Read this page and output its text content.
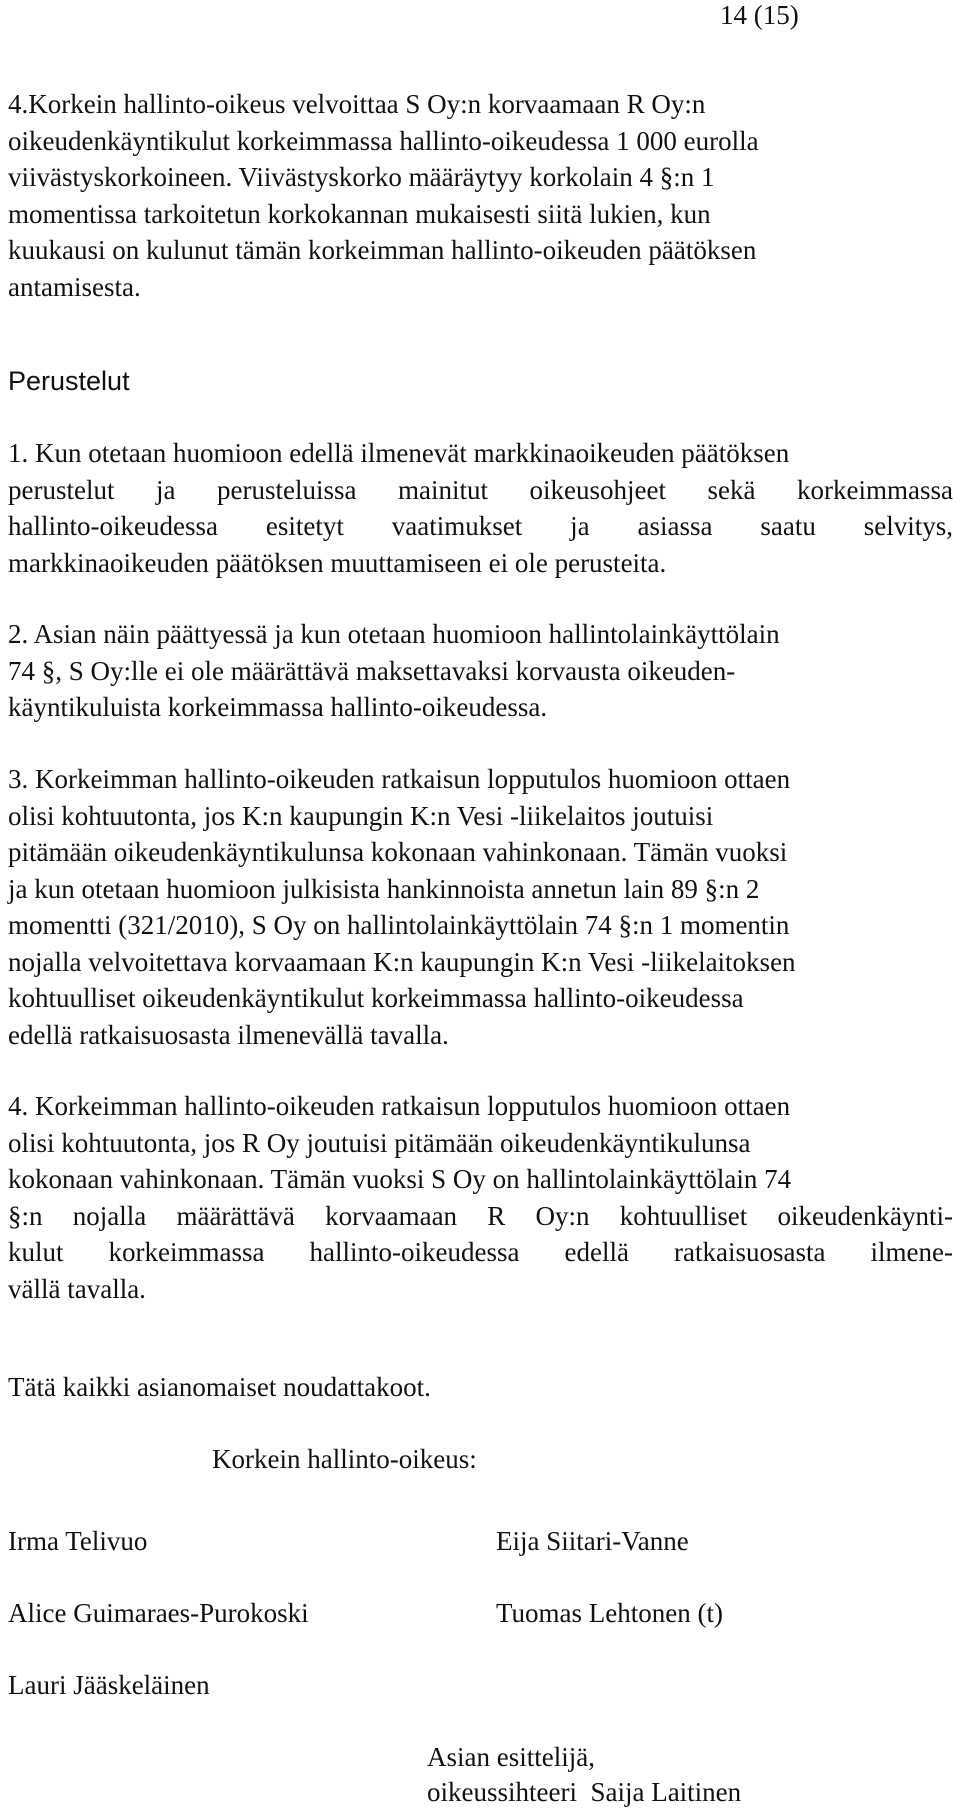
14 (15)
4.Korkein hallinto-oikeus velvoittaa S Oy:n korvaamaan R Oy:n
oikeudenkäyntikulut korkeimmassa hallinto-oikeudessa 1 000 eurolla
viivästyskorkoineen. Viivästyskorko määräytyy korkolain 4 §:n 1
momentissa tarkoitetun korkokannan mukaisesti siitä lukien, kun
kuukausi on kulunut tämän korkeimman hallinto-oikeuden päätöksen
antamisesta.
Perustelut
1. Kun otetaan huomioon edellä ilmenevät markkinaoikeuden päätöksen
perustelut ja perusteluissa mainitut oikeusohjeet sekä korkeimmassa
hallinto-oikeudessa esitetyt vaatimukset ja asiassa saatu selvitys,
markkinaoikeuden päätöksen muuttamiseen ei ole perusteita.
2. Asian näin päättyessä ja kun otetaan huomioon hallintolainkäyttölain
74 §, S Oy:lle ei ole määrättävä maksettavaksi korvausta oikeuden-
käyntikuluista korkeimmassa hallinto-oikeudessa.
3. Korkeimman hallinto-oikeuden ratkaisun lopputulos huomioon ottaen
olisi kohtuutonta, jos K:n kaupungin K:n Vesi -liikelaitos joutuisi
pitämään oikeudenkäyntikulunsa kokonaan vahinkonaan. Tämän vuoksi
ja kun otetaan huomioon julkisista hankinnoista annetun lain 89 §:n 2
momentti (321/2010), S Oy on hallintolainkäyttölain 74 §:n 1 momentin
nojalla velvoitettava korvaamaan K:n kaupungin K:n Vesi -liikelaitoksen
kohtuulliset oikeudenkäyntikulut korkeimmassa hallinto-oikeudessa
edellä ratkaisuosasta ilmenevällä tavalla.
4. Korkeimman hallinto-oikeuden ratkaisun lopputulos huomioon ottaen
olisi kohtuutonta, jos R Oy joutuisi pitämään oikeudenkäyntikulunsa
kokonaan vahinkonaan. Tämän vuoksi S Oy on hallintolainkäyttölain 74
§:n nojalla määrättävä korvaamaan R Oy:n kohtuulliset oikeudenkäynti-
kulut korkeimmassa hallinto-oikeudessa edellä ratkaisuosasta ilmene-
vällä tavalla.
Tätä kaikki asianomaiset noudattakoot.
Korkein hallinto-oikeus:
Irma Telivuo	Eija Siitari-Vanne
Alice Guimaraes-Purokoski	Tuomas Lehtonen (t)
Lauri Jääskeläinen
Asian esittelijä,
oikeussihteeri  Saija Laitinen
